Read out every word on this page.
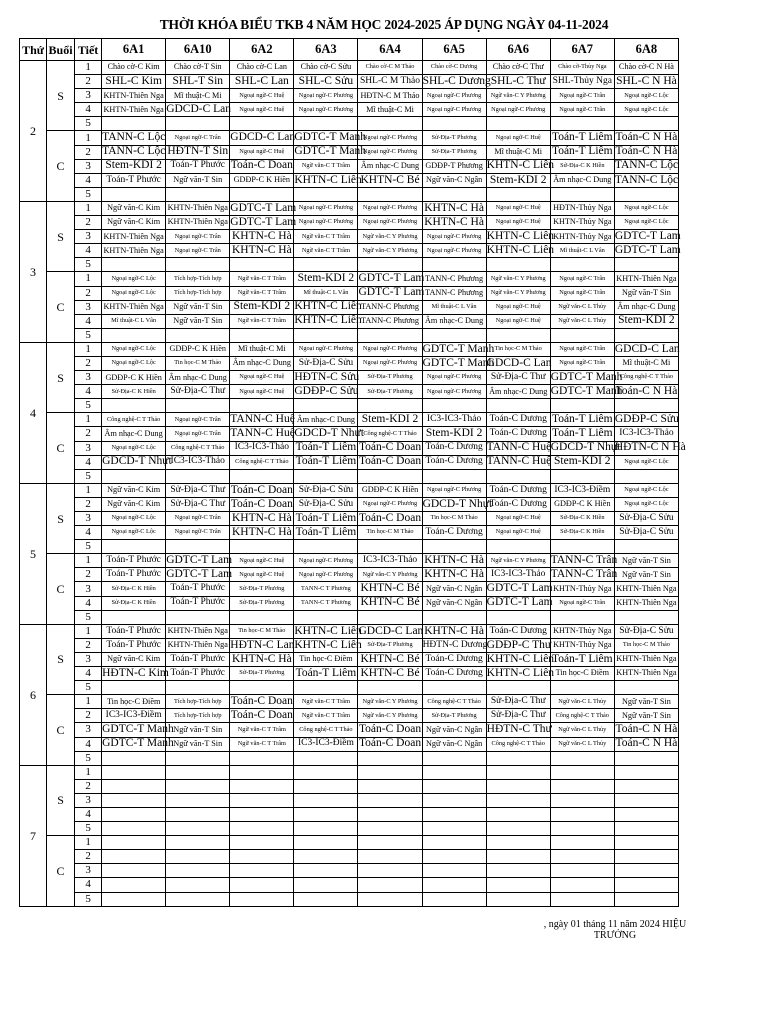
THỜI KHÓA BIỂU TKB 4 NĂM HỌC 2024-2025 ÁP DỤNG NGÀY 04-11-2024
Thứ	Buổi	Tiết	6A1	6A10	6A2	6A3	6A4	6A5	6A6	6A7	6A8
2	S	1	Chào cờ-C Kim	Chào cờ-T Sin	Chào cờ-C Lan	Chào cờ-C Sửu	Chào cờ-C M Thảo	Chào cờ-C Dương	Chào cờ-C Thư	Chào cờ-Thủy Nga	Chào cờ-C N Hà
		2	SHL-C Kim	SHL-T Sin	SHL-C Lan	SHL-C Sửu	SHL-C M Thảo	SHL-C Dương	SHL-C Thư	SHL-Thủy Nga	SHL-C N Hà
		3	KHTN-Thiên Nga	Mĩ thuật-C Mi	Ngoại ngữ-C Huệ	Ngoại ngữ-C Phương	HĐTN-C M Thảo	Ngoại ngữ-C Phương	Ngữ văn-C Y Phương	Ngoại ngữ-C Trân	Ngoại ngữ-C Lộc
		4	KHTN-Thiên Nga	GDCD-C Lan	Ngoại ngữ-C Huệ	Ngoại ngữ-C Phương	Mĩ thuật-C Mi	Ngoại ngữ-C Phương	Ngoại ngữ-C Phương	Ngoại ngữ-C Trân	Ngoại ngữ-C Lộc
		5									
	C	1	TANN-C Lộc	Ngoại ngữ-C Trân	GDCD-C Lan	GDTC-T Manh	Ngoại ngữ-C Phương	Sử-Địa-T Phương	Ngoại ngữ-C Huệ	Toán-T Liêm	Toán-C N Hà
		2	TANN-C Lộc	HĐTN-T Sin	Ngoại ngữ-C Huệ	GDTC-T Manh	Ngoại ngữ-C Phương	Sử-Địa-T Phương	Mĩ thuật-C Mi	Toán-T Liêm	Toán-C N Hà
		3	Stem-KDI 2	Toán-T Phước	Toán-C Doan	Ngữ văn-C T Trâm	Âm nhạc-C Dung	GDĐP-T Phương	KHTN-C Liên	Sử-Địa-C K Hiền	TANN-C Lộc
		4	Toán-T Phước	Ngữ văn-T Sin	GDĐP-C K Hiền	KHTN-C Liên	KHTN-C Bé	Ngữ văn-C Ngân	Stem-KDI 2	Âm nhạc-C Dung	TANN-C Lộc
		5									
3	S	1	Ngữ văn-C Kim	KHTN-Thiên Nga	GDTC-T Lam	Ngoại ngữ-C Phương	Ngoại ngữ-C Phương	KHTN-C Hà	Ngoại ngữ-C Huệ	HĐTN-Thủy Nga	Ngoại ngữ-C Lộc
		2	Ngữ văn-C Kim	KHTN-Thiên Nga	GDTC-T Lam	Ngoại ngữ-C Phương	Ngoại ngữ-C Phương	KHTN-C Hà	Ngoại ngữ-C Huệ	KHTN-Thủy Nga	Ngoại ngữ-C Lộc
		3	KHTN-Thiên Nga	Ngoại ngữ-C Trân	KHTN-C Hà	Ngữ văn-C T Trâm	Ngữ văn-C Y Phương	Ngoại ngữ-C Phương	KHTN-C Liên	KHTN-Thủy Nga	GDTC-T Lam
		4	KHTN-Thiên Nga	Ngoại ngữ-C Trân	KHTN-C Hà	Ngữ văn-C T Trâm	Ngữ văn-C Y Phương	Ngoại ngữ-C Phương	KHTN-C Liên	Mĩ thuật-C L Vân	GDTC-T Lam
		5									
	C	1	Ngoại ngữ-C Lộc	Tích hợp-Tích hợp	Ngữ văn-C T Trâm	Stem-KDI 2	GDTC-T Lam	TANN-C Phương	Ngữ văn-C Y Phương	Ngoại ngữ-C Trân	KHTN-Thiên Nga
		2	Ngoại ngữ-C Lộc	Tích hợp-Tích hợp	Ngữ văn-C T Trâm	Mĩ thuật-C L Vân	GDTC-T Lam	TANN-C Phương	Ngữ văn-C Y Phương	Ngoại ngữ-C Trân	Ngữ văn-T Sin
		3	KHTN-Thiên Nga	Ngữ văn-T Sin	Stem-KDI 2	KHTN-C Liên	TANN-C Phương	Mĩ thuật-C L Vân	Ngoại ngữ-C Huệ	Ngữ văn-C L Thủy	Âm nhạc-C Dung
		4	Mĩ thuật-C L Vân	Ngữ văn-T Sin	Ngữ văn-C T Trâm	KHTN-C Liên	TANN-C Phương	Âm nhạc-C Dung	Ngoại ngữ-C Huệ	Ngữ văn-C L Thủy	Stem-KDI 2
		5									
4	S	1	Ngoại ngữ-C Lộc	GDĐP-C K Hiền	Mĩ thuật-C Mi	Ngoại ngữ-C Phương	Ngoại ngữ-C Phương	GDTC-T Manh	Tin học-C M Thảo	Ngoại ngữ-C Trân	GDCD-C Lan
		2	Ngoại ngữ-C Lộc	Tin học-C M Thảo	Âm nhạc-C Dung	Sử-Địa-C Sửu	Ngoại ngữ-C Phương	GDTC-T Manh	GDCD-C Lan	Ngoại ngữ-C Trân	Mĩ thuật-C Mi
		3	GDĐP-C K Hiền	Âm nhạc-C Dung	Ngoại ngữ-C Huệ	HĐTN-C Sửu	Sử-Địa-T Phương	Ngoại ngữ-C Phương	Sử-Địa-C Thư	GDTC-T Manh	Công nghệ-C T Thảo
		4	Sử-Địa-C K Hiền	Sử-Địa-C Thư	Ngoại ngữ-C Huệ	GDĐP-C Sửu	Sử-Địa-T Phương	Ngoại ngữ-C Phương	Âm nhạc-C Dung	GDTC-T Manh	Toán-C N Hà
		5									
	C	1	Công nghệ-C T Thảo	Ngoại ngữ-C Trân	TANN-C Huệ	Âm nhạc-C Dung	Stem-KDI 2	IC3-IC3-Thảo	Toán-C Dương	Toán-T Liêm	GDĐP-C Sửu
		2	Âm nhạc-C Dung	Ngoại ngữ-C Trân	TANN-C Huệ	GDCD-T Nhựt	Công nghệ-C T Thảo	Stem-KDI 2	Toán-C Dương	Toán-T Liêm	IC3-IC3-Thảo
		3	Ngoại ngữ-C Lộc	Công nghệ-C T Thảo	IC3-IC3-Thảo	Toán-T Liêm	Toán-C Doan	Toán-C Dương	TANN-C Huệ	GDCD-T Nhựt	HĐTN-C N Hà
		4	GDCD-T Nhựt	IC3-IC3-Thảo	Công nghệ-C T Thảo	Toán-T Liêm	Toán-C Doan	Toán-C Dương	TANN-C Huệ	Stem-KDI 2	Ngoại ngữ-C Lộc
		5									
5	S	1	Ngữ văn-C Kim	Sử-Địa-C Thư	Toán-C Doan	Sử-Địa-C Sửu	GDĐP-C K Hiền	Ngoại ngữ-C Phương	Toán-C Dương	IC3-IC3-Điềm	Ngoại ngữ-C Lộc
		2	Ngữ văn-C Kim	Sử-Địa-C Thư	Toán-C Doan	Sử-Địa-C Sửu	Ngoại ngữ-C Phương	GDCD-T Nhựt	Toán-C Dương	GDĐP-C K Hiền	Ngoại ngữ-C Lộc
		3	Ngoại ngữ-C Lộc	Ngoại ngữ-C Trân	KHTN-C Hà	Toán-T Liêm	Toán-C Doan	Tin học-C M Thảo	Ngoại ngữ-C Huệ	Sử-Địa-C K Hiền	Sử-Địa-C Sửu
		4	Ngoại ngữ-C Lộc	Ngoại ngữ-C Trân	KHTN-C Hà	Toán-T Liêm	Tin học-C M Thảo	Toán-C Dương	Ngoại ngữ-C Huệ	Sử-Địa-C K Hiền	Sử-Địa-C Sửu
		5									
	C	1	Toán-T Phước	GDTC-T Lam	Ngoại ngữ-C Huệ	Ngoại ngữ-C Phương	IC3-IC3-Thảo	KHTN-C Hà	Ngữ văn-C Y Phương	TANN-C Trân	Ngữ văn-T Sin
		2	Toán-T Phước	GDTC-T Lam	Ngoại ngữ-C Huệ	Ngoại ngữ-C Phương	Ngữ văn-C Y Phương	KHTN-C Hà	IC3-IC3-Thảo	TANN-C Trân	Ngữ văn-T Sin
		3	Sử-Địa-C K Hiền	Toán-T Phước	Sử-Địa-T Phương	TANN-C T Phương	KHTN-C Bé	Ngữ văn-C Ngân	GDTC-T Lam	KHTN-Thủy Nga	KHTN-Thiên Nga
		4	Sử-Địa-C K Hiền	Toán-T Phước	Sử-Địa-T Phương	TANN-C T Phương	KHTN-C Bé	Ngữ văn-C Ngân	GDTC-T Lam	Ngoại ngữ-C Trân	KHTN-Thiên Nga
		5									
6	S	1	Toán-T Phước	KHTN-Thiên Nga	Tin học-C M Thảo	KHTN-C Liên	GDCD-C Lan	KHTN-C Hà	Toán-C Dương	KHTN-Thủy Nga	Sử-Địa-C Sửu
		2	Toán-T Phước	KHTN-Thiên Nga	HĐTN-C Lan	KHTN-C Liên	Sử-Địa-T Phương	HĐTN-C Dương	GDĐP-C Thư	KHTN-Thủy Nga	Tin học-C M Thảo
		3	Ngữ văn-C Kim	Toán-T Phước	KHTN-C Hà	Tin học-C Điềm	KHTN-C Bé	Toán-C Dương	KHTN-C Liên	Toán-T Liêm	KHTN-Thiên Nga
		4	HĐTN-C Kim	Toán-T Phước	Sử-Địa-T Phương	Toán-T Liêm	KHTN-C Bé	Toán-C Dương	KHTN-C Liên	Tin học-C Điềm	KHTN-Thiên Nga
		5									
	C	1	Tin học-C Điềm	Tích hợp-Tích hợp	Toán-C Doan	Ngữ văn-C T Trâm	Ngữ văn-C Y Phương	Công nghệ-C T Thảo	Sử-Địa-C Thư	Ngữ văn-C L Thủy	Ngữ văn-T Sin
		2	IC3-IC3-Điềm	Tích hợp-Tích hợp	Toán-C Doan	Ngữ văn-C T Trâm	Ngữ văn-C Y Phương	Sử-Địa-T Phương	Sử-Địa-C Thư	Công nghệ-C T Thảo	Ngữ văn-T Sin
		3	GDTC-T Manh	Ngữ văn-T Sin	Ngữ văn-C T Trâm	Công nghệ-C T Thảo	Toán-C Doan	Ngữ văn-C Ngân	HĐTN-C Thư	Ngữ văn-C L Thủy	Toán-C N Hà
		4	GDTC-T Manh	Ngữ văn-T Sin	Ngữ văn-C T Trâm	IC3-IC3-Điềm	Toán-C Doan	Ngữ văn-C Ngân	Công nghệ-C T Thảo	Ngữ văn-C L Thủy	Toán-C N Hà
		5									
7	S	1									
		2									
		3									
		4									
		5									
	C	1									
		2									
		3									
		4									
		5									
, ngày 01 tháng 11 năm 2024 HIỆU
TRƯỞNG
